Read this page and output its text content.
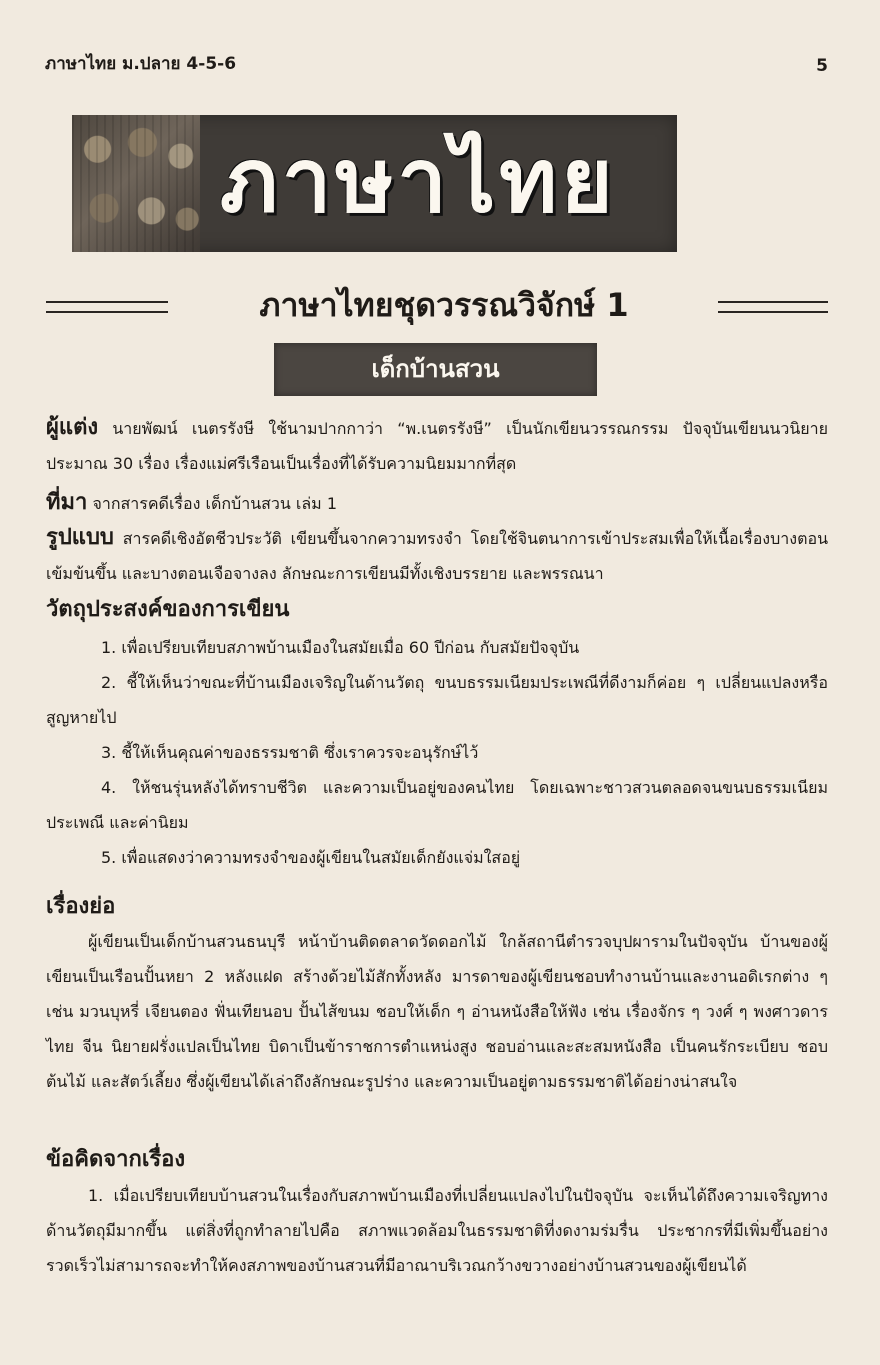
ภาษาไทย ม.ปลาย 4-5-6	5
ภาษาไทย
ภาษาไทยชุดวรรณวิจักษ์ 1
เด็กบ้านสวน
ผู้แต่ง นายพัฒน์ เนตรรังษี ใช้นามปากกาว่า “พ.เนตรรังษี” เป็นนักเขียนวรรณกรรม ปัจจุบันเขียนนวนิยายประมาณ 30 เรื่อง เรื่องแม่ศรีเรือนเป็นเรื่องที่ได้รับความนิยมมากที่สุด
ที่มา จากสารคดีเรื่อง เด็กบ้านสวน เล่ม 1
รูปแบบ สารคดีเชิงอัตชีวประวัติ เขียนขึ้นจากความทรงจำ โดยใช้จินตนาการเข้าประสมเพื่อให้เนื้อเรื่องบางตอนเข้มข้นขึ้น และบางตอนเจือจางลง ลักษณะการเขียนมีทั้งเชิงบรรยาย และพรรณนา
วัตถุประสงค์ของการเขียน
1. เพื่อเปรียบเทียบสภาพบ้านเมืองในสมัยเมื่อ 60 ปีก่อน กับสมัยปัจจุบัน
2. ชี้ให้เห็นว่าขณะที่บ้านเมืองเจริญในด้านวัตถุ ขนบธรรมเนียมประเพณีที่ดีงามก็ค่อย ๆ เปลี่ยนแปลงหรือสูญหายไป
3. ชี้ให้เห็นคุณค่าของธรรมชาติ ซึ่งเราควรจะอนุรักษ์ไว้
4. ให้ชนรุ่นหลังได้ทราบชีวิต และความเป็นอยู่ของคนไทย โดยเฉพาะชาวสวนตลอดจนขนบธรรมเนียมประเพณี และค่านิยม
5. เพื่อแสดงว่าความทรงจำของผู้เขียนในสมัยเด็กยังแจ่มใสอยู่
เรื่องย่อ
ผู้เขียนเป็นเด็กบ้านสวนธนบุรี หน้าบ้านติดตลาดวัดดอกไม้ ใกล้สถานีตำรวจบุปผารามในปัจจุบัน บ้านของผู้เขียนเป็นเรือนปั้นหยา 2 หลังแฝด สร้างด้วยไม้สักทั้งหลัง มารดาของผู้เขียนชอบทำงานบ้านและงานอดิเรกต่าง ๆ เช่น มวนบุหรี่ เจียนตอง ฟั่นเทียนอบ ปั้นไส้ขนม ชอบให้เด็ก ๆ อ่านหนังสือให้ฟัง เช่น เรื่องจักร ๆ วงศ์ ๆ พงศาวดารไทย จีน นิยายฝรั่งแปลเป็นไทย บิดาเป็นข้าราชการตำแหน่งสูง ชอบอ่านและสะสมหนังสือ เป็นคนรักระเบียบ ชอบต้นไม้ และสัตว์เลี้ยง ซึ่งผู้เขียนได้เล่าถึงลักษณะรูปร่าง และความเป็นอยู่ตามธรรมชาติได้อย่างน่าสนใจ
ข้อคิดจากเรื่อง
1. เมื่อเปรียบเทียบบ้านสวนในเรื่องกับสภาพบ้านเมืองที่เปลี่ยนแปลงไปในปัจจุบัน จะเห็นได้ถึงความเจริญทางด้านวัตถุมีมากขึ้น แต่สิ่งที่ถูกทำลายไปคือ สภาพแวดล้อมในธรรมชาติที่งดงามร่มรื่น ประชากรที่มีเพิ่มขึ้นอย่างรวดเร็วไม่สามารถจะทำให้คงสภาพของบ้านสวนที่มีอาณาบริเวณกว้างขวางอย่างบ้านสวนของผู้เขียนได้
